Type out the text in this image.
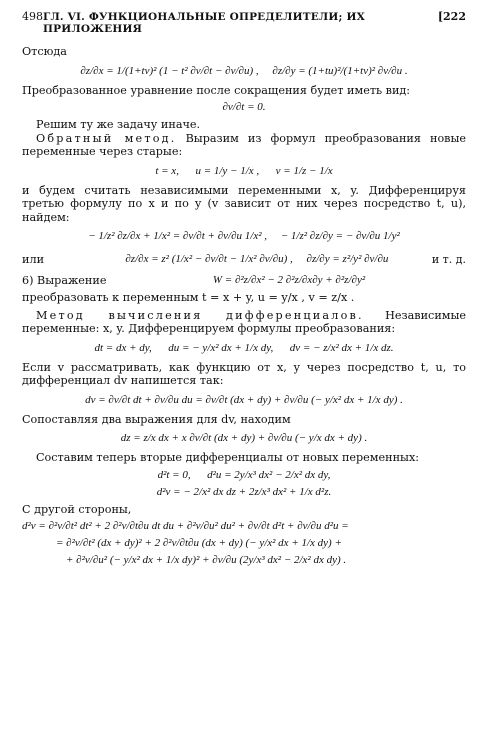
498 ГЛ. VI. ФУНКЦИОНАЛЬНЫЕ ОПРЕДЕЛИТЕЛИ; ИХ ПРИЛОЖЕНИЯ
[222

Отсюда

∂z/∂x = 1/(1+tv)² (1 − t² ∂v/∂t − ∂v/∂u) ,     ∂z/∂y = (1+tu)²/(1+tv)² ∂v/∂u .

Преобразованное уравнение после сокращения будет иметь вид:

∂v/∂t = 0.

Решим ту же задачу иначе.

Обратный метод. Выразим из формул преобразования новые переменные через старые:

t = x,      u = 1/y − 1/x ,      v = 1/z − 1/x

и будем считать независимыми переменными x, y. Дифференцируя третью формулу по x и по y (v зависит от них через посредство t, u), найдем:

− 1/z² ∂z/∂x + 1/x² = ∂v/∂t + ∂v/∂u 1/x² ,     − 1/z² ∂z/∂y = − ∂v/∂u 1/y²
или	∂z/∂x = z² (1/x² − ∂v/∂t − 1/x² ∂v/∂u) ,     ∂z/∂y = z²/y² ∂v/∂u	и т. д.
6) Выражение	W = ∂²z/∂x² − 2 ∂²z/∂x∂y + ∂²z/∂y²

преобразовать к переменным t = x + y, u = y/x , v = z/x .

Метод вычисления дифференциалов. Независимые переменные: x, y. Дифференцируем формулы преобразования:

dt = dx + dy,      du = − y/x² dx + 1/x dy,      dv = − z/x² dx + 1/x dz.

Если v рассматривать, как функцию от x, y через посредство t, u, то дифференциал dv напишется так:

dv = ∂v/∂t dt + ∂v/∂u du = ∂v/∂t (dx + dy) + ∂v/∂u (− y/x² dx + 1/x dy) .

Сопоставляя два выражения для dv, находим

dz = z/x dx + x ∂v/∂t (dx + dy) + ∂v/∂u (− y/x dx + dy) .

Составим теперь вторые дифференциалы от новых переменных:

d²t = 0,      d²u = 2y/x³ dx² − 2/x² dx dy,
d²v = − 2/x² dx dz + 2z/x³ dx² + 1/x d²z.

С другой стороны,

d²v = ∂²v/∂t² dt² + 2 ∂²v/∂t∂u dt du + ∂²v/∂u² du² + ∂v/∂t d²t + ∂v/∂u d²u =
= ∂²v/∂t² (dx + dy)² + 2 ∂²v/∂t∂u (dx + dy) (− y/x² dx + 1/x dy) +
+ ∂²v/∂u² (− y/x² dx + 1/x dy)² + ∂v/∂u (2y/x³ dx² − 2/x² dx dy) .
